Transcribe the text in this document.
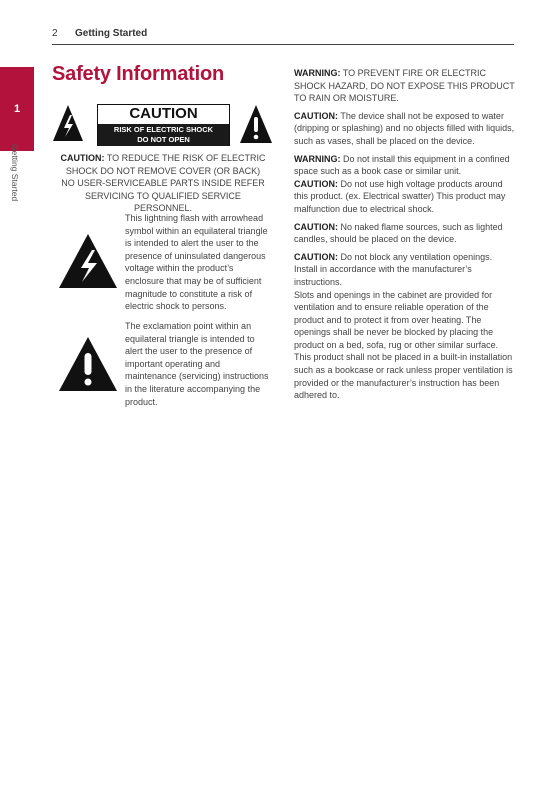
2 Getting Started
1
Getting Started
Safety Information
CAUTION
RISK OF ELECTRIC SHOCK
DO NOT OPEN
CAUTION: TO REDUCE THE RISK OF ELECTRIC SHOCK DO NOT REMOVE COVER (OR BACK) NO USER-SERVICEABLE PARTS INSIDE REFER SERVICING TO QUALIFIED SERVICE PERSONNEL.
This lightning flash with arrowhead symbol within an equilateral triangle is intended to alert the user to the presence of uninsulated dangerous voltage within the product’s enclosure that may be of sufficient magnitude to constitute a risk of electric shock to persons.
The exclamation point within an equilateral triangle is intended to alert the user to the presence of important operating and maintenance (servicing) instructions in the literature accompanying the product.

WARNING: TO PREVENT FIRE OR ELECTRIC SHOCK HAZARD, DO NOT EXPOSE THIS PRODUCT TO RAIN OR MOISTURE.

CAUTION: The device shall not be exposed to water (dripping or splashing) and no objects filled with liquids, such as vases, shall be placed on the device.

WARNING: Do not install this equipment in a confined space such as a book case or similar unit.

CAUTION: Do not use high voltage products around this product. (ex. Electrical swatter) This product may malfunction due to electrical shock.

CAUTION: No naked flame sources, such as lighted candles, should be placed on the device.

CAUTION: Do not block any ventilation openings. Install in accordance with the manufacturer’s instructions.

Slots and openings in the cabinet are provided for ventilation and to ensure reliable operation of the product and to protect it from over heating. The openings shall be never be blocked by placing the product on a bed, sofa, rug or other similar surface. This product shall not be placed in a built-in installation such as a bookcase or rack unless proper ventilation is provided or the manufacturer’s instruction has been adhered to.
